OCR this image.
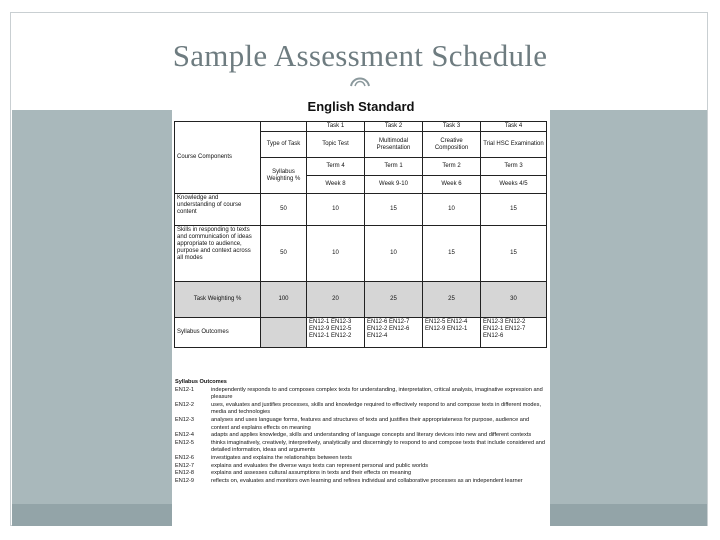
Sample Assessment Schedule
English Standard
Course Components		Task 1	Task 2	Task 3	Task 4
	Type of Task	Topic Test	Multimodal Presentation	Creative Composition	Trial HSC Examination
	Syllabus Weighting %	Term 4	Term 1	Term 2	Term 3
		Week 8	Week 9-10	Week 6	Weeks 4/5
Knowledge and understanding of course content	50	10	15	10	15
Skills in responding to texts and communication of ideas appropriate to audience, purpose and context across all modes	50	10	10	15	15
Task Weighting %	100	20	25	25	30
Syllabus Outcomes		EN12-1 EN12-3 EN12-9 EN12-5 EN12-1 EN12-2	EN12-6 EN12-7 EN12-2 EN12-6 EN12-4	EN12-5 EN12-4 EN12-9 EN12-1	EN12-3 EN12-2 EN12-1 EN12-7 EN12-6
Syllabus Outcomes
EN12-1	independently responds to and composes complex texts for understanding, interpretation, critical analysis, imaginative expression and pleasure
EN12-2	uses, evaluates and justifies processes, skills and knowledge required to effectively respond to and compose texts in different modes, media and technologies
EN12-3	analyses and uses language forms, features and structures of texts and justifies their appropriateness for purpose, audience and context and explains effects on meaning
EN12-4	adapts and applies knowledge, skills and understanding of language concepts and literary devices into new and different contexts
EN12-5	thinks imaginatively, creatively, interpretively, analytically and discerningly to respond to and compose texts that include considered and detailed information, ideas and arguments
EN12-6	investigates and explains the relationships between texts
EN12-7	explains and evaluates the diverse ways texts can represent personal and public worlds
EN12-8	explains and assesses cultural assumptions in texts and their effects on meaning
EN12-9	reflects on, evaluates and monitors own learning and refines individual and collaborative processes as an independent learner
